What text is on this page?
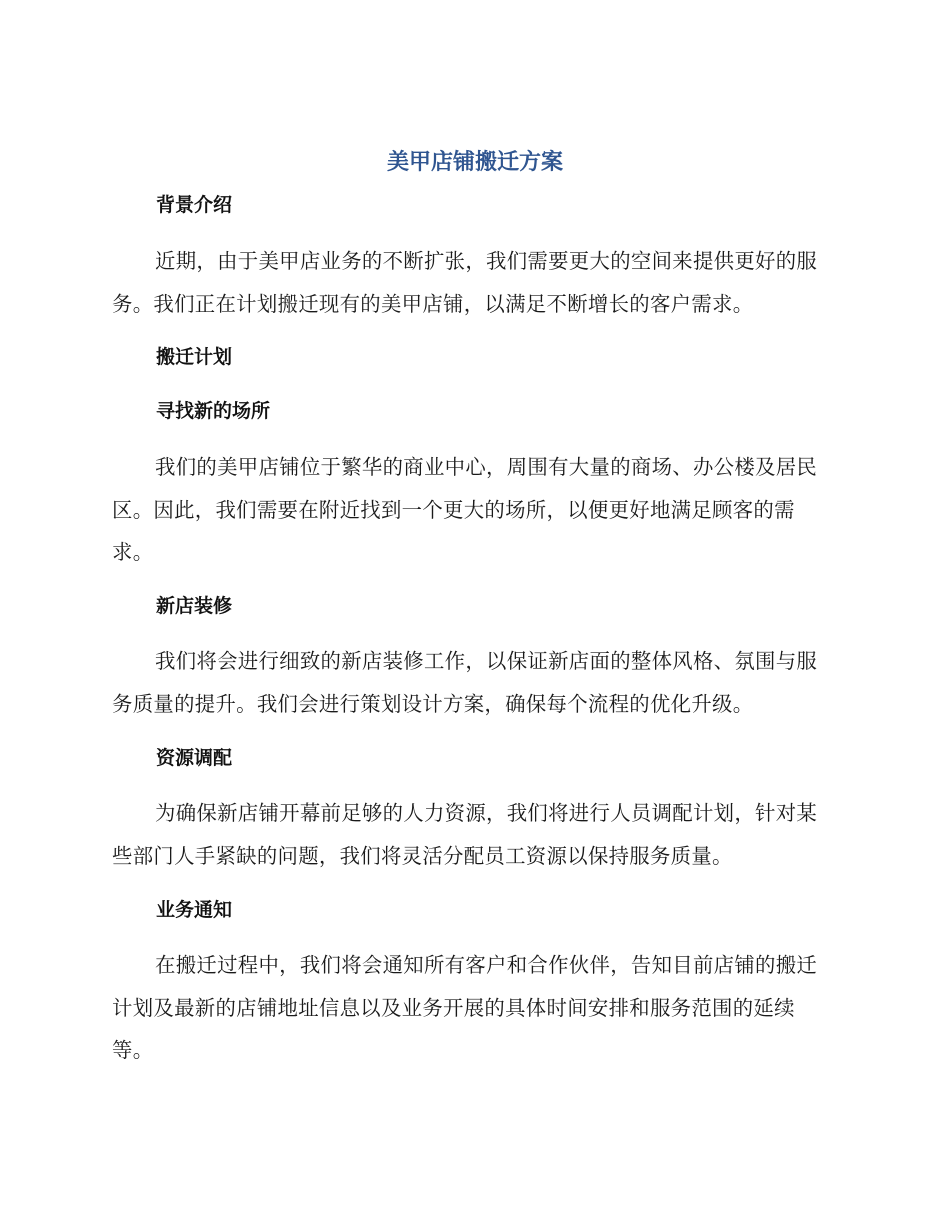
美甲店铺搬迁方案
背景介绍

近期，由于美甲店业务的不断扩张，我们需要更大的空间来提供更好的服务。我们正在计划搬迁现有的美甲店铺，以满足不断增长的客户需求。

搬迁计划
寻找新的场所

我们的美甲店铺位于繁华的商业中心，周围有大量的商场、办公楼及居民区。因此，我们需要在附近找到一个更大的场所，以便更好地满足顾客的需求。

新店装修

我们将会进行细致的新店装修工作，以保证新店面的整体风格、氛围与服务质量的提升。我们会进行策划设计方案，确保每个流程的优化升级。

资源调配

为确保新店铺开幕前足够的人力资源，我们将进行人员调配计划，针对某些部门人手紧缺的问题，我们将灵活分配员工资源以保持服务质量。

业务通知

在搬迁过程中，我们将会通知所有客户和合作伙伴，告知目前店铺的搬迁计划及最新的店铺地址信息以及业务开展的具体时间安排和服务范围的延续等。
